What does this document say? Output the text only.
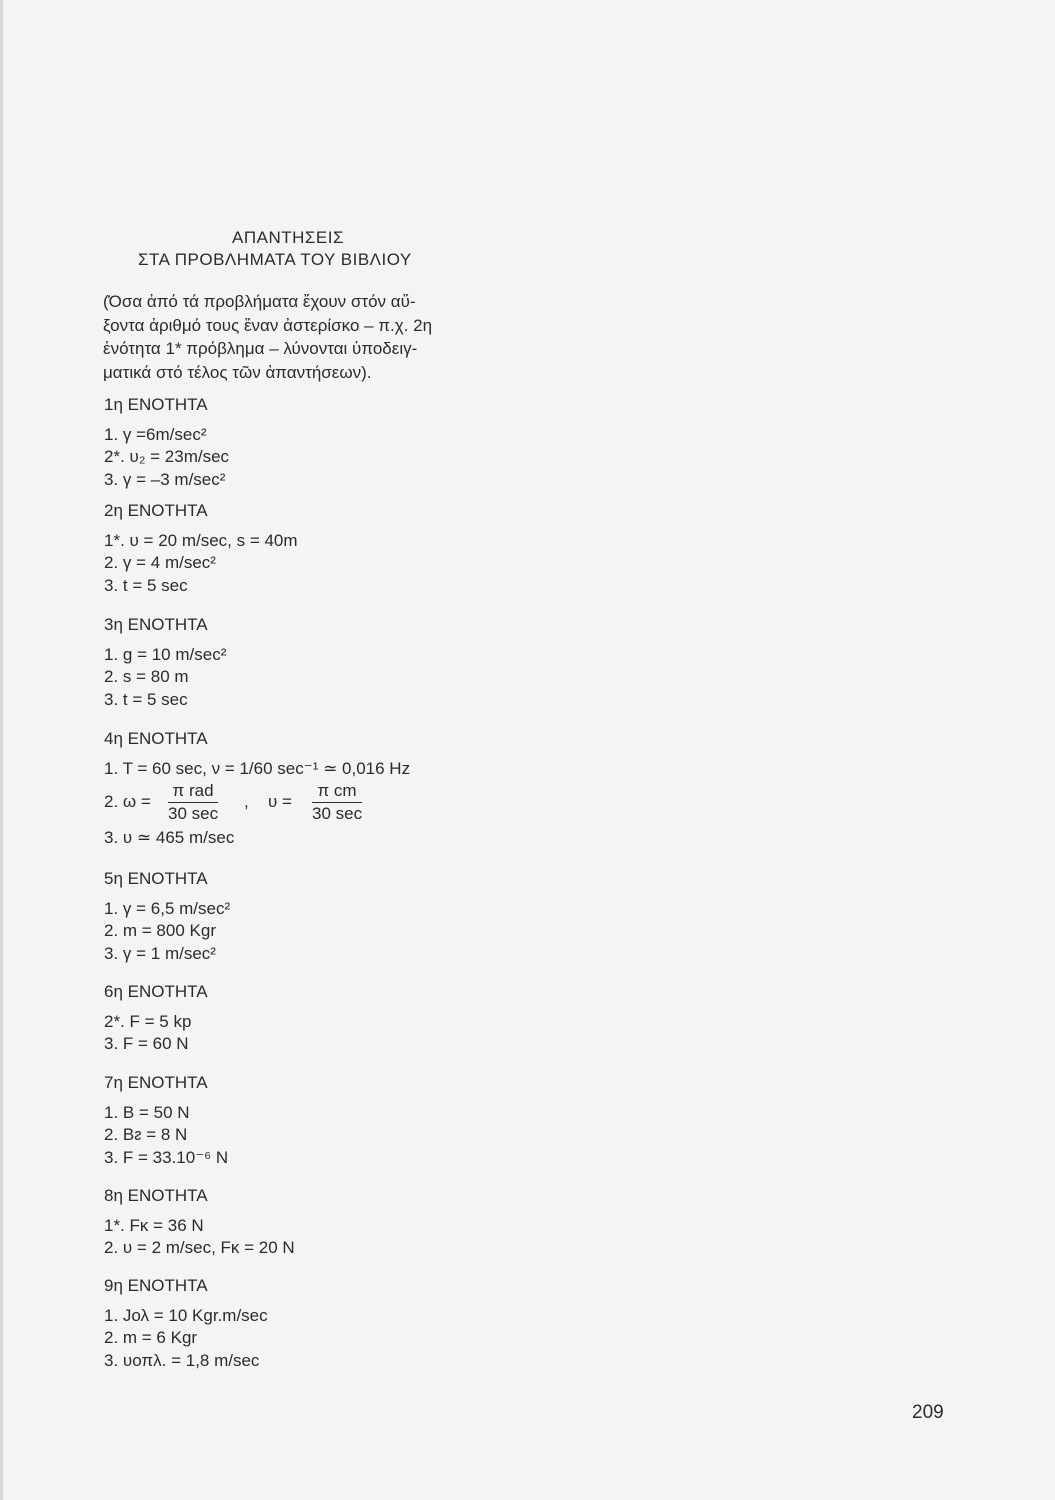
ΑΠΑΝΤΗΣΕΙΣ
ΣΤΑ ΠΡΟΒΛΗΜΑΤΑ ΤΟΥ ΒΙΒΛΙΟΥ
(Όσα ἀπό τά προβλήματα ἔχουν στόν αὔ-
ξοντα ἀριθμό τους ἕναν ἀστερίσκο – π.χ. 2η
ἑνότητα 1* πρόβλημα – λύνονται ὑποδειγ-
ματικά στό τέλος τῶν ἀπαντήσεων).
1η ΕΝΟΤΗΤΑ
1. γ =6m/sec²
2*. υ₂ = 23m/sec
3. γ = –3 m/sec²
2η ΕΝΟΤΗΤΑ
1*. υ = 20 m/sec, s = 40m
2. γ = 4 m/sec²
3. t = 5 sec
3η ΕΝΟΤΗΤΑ
1. g = 10 m/sec²
2. s = 80 m
3. t = 5 sec
4η ΕΝΟΤΗΤΑ
1. T = 60 sec, ν = 1/60 sec⁻¹ ≃ 0,016 Hz
2. ω =
π rad
30 sec
, υ =
π cm
30 sec
3. υ ≃ 465 m/sec
5η ΕΝΟΤΗΤΑ
1. γ = 6,5 m/sec²
2. m = 800 Kgr
3. γ = 1 m/sec²
6η ΕΝΟΤΗΤΑ
2*. F = 5 kp
3. F = 60 N
7η ΕΝΟΤΗΤΑ
1. B = 50 N
2. Bᴤ = 8 N
3. F = 33.10⁻⁶ N
8η ΕΝΟΤΗΤΑ
1*. Fᴋ = 36 N
2. υ = 2 m/sec, Fᴋ = 20 N
9η ΕΝΟΤΗΤΑ
1. Jολ = 10 Kgr.m/sec
2. m = 6 Kgr
3. υοπλ. = 1,8 m/sec
209
